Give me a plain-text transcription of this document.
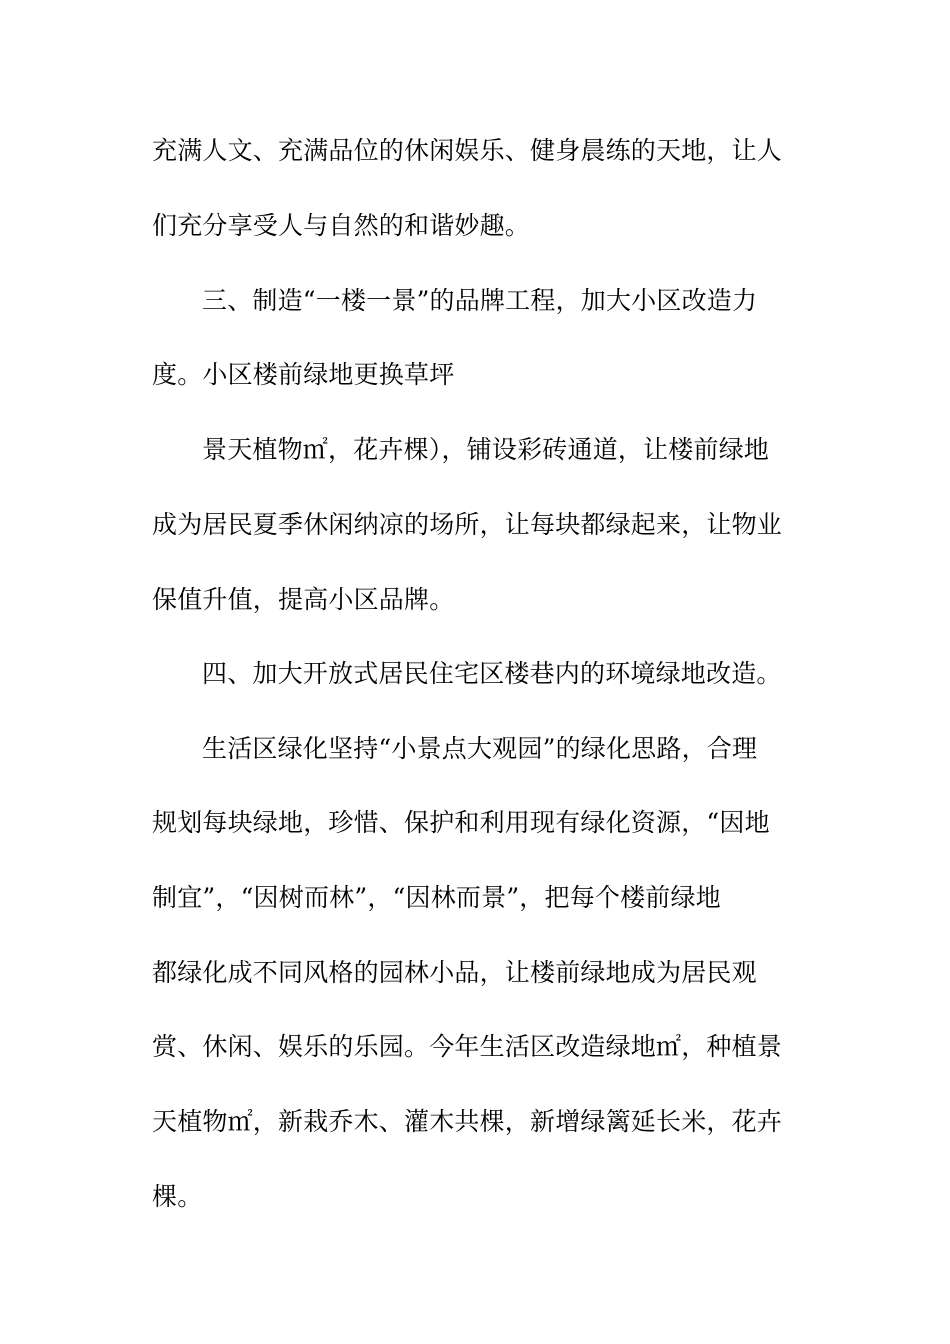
充满人文、充满品位的休闲娱乐、健身晨练的天地，让人
们充分享受人与自然的和谐妙趣。
三、制造“一楼一景”的品牌工程，加大小区改造力
度。小区楼前绿地更换草坪
景天植物㎡，花卉棵），铺设彩砖通道，让楼前绿地
成为居民夏季休闲纳凉的场所，让每块都绿起来，让物业
保值升值，提高小区品牌。
四、加大开放式居民住宅区楼巷内的环境绿地改造。
生活区绿化坚持“小景点大观园”的绿化思路，合理
规划每块绿地，珍惜、保护和利用现有绿化资源，“因地
制宜”，“因树而林”，“因林而景”，把每个楼前绿地
都绿化成不同风格的园林小品，让楼前绿地成为居民观
赏、休闲、娱乐的乐园。今年生活区改造绿地㎡，种植景
天植物㎡，新栽乔木、灌木共棵，新增绿篱延长米，花卉
棵。
